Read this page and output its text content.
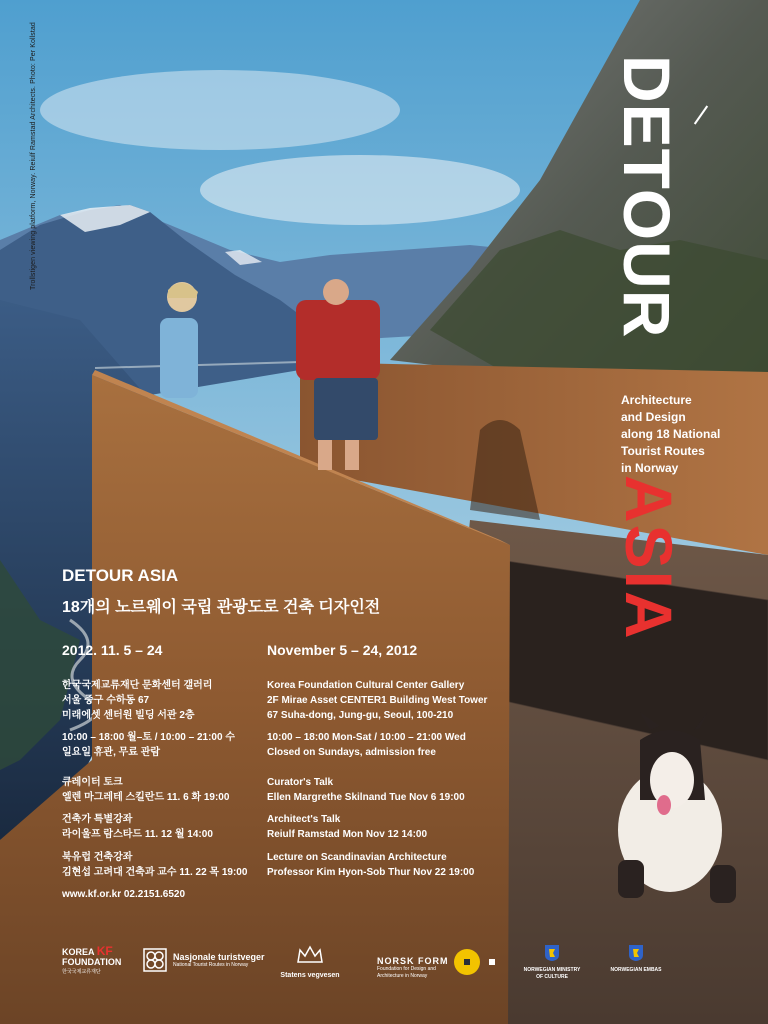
Trollstigen viewing platform, Norway. Reiulf Ramstad Architects. Photo: Per Kollstad	DETOUR
ASIA
Architecture
and Design
along 18 National
Tourist Routes
in Norway
DETOUR ASIA
18개의 노르웨이 국립 관광도로 건축 디자인전
2012. 11. 5 – 24	November 5 – 24, 2012
한국국제교류재단 문화센터 갤러리
서울 중구 수하동 67
미래에셋 센터원 빌딩 서관 2층
Korea Foundation Cultural Center Gallery
2F Mirae Asset CENTER1 Building West Tower
67 Suha-dong, Jung-gu, Seoul, 100-210
10:00 – 18:00 월–토 / 10:00 – 21:00 수
일요일 휴관, 무료 관람
10:00 – 18:00 Mon-Sat / 10:00 – 21:00 Wed
Closed on Sundays, admission free
큐레이터 토크
엘렌 마그레테 스킬란드 11. 6 화 19:00
Curator's Talk
Ellen Margrethe Skilnand Tue Nov 6 19:00
건축가 특별강좌
라이울프 람스타드 11. 12 월 14:00
Architect's Talk
Reiulf Ramstad Mon Nov 12 14:00
북유럽 건축강좌
김현섭 고려대 건축과 교수 11. 22 목 19:00
Lecture on Scandinavian Architecture
Professor Kim Hyon-Sob Thur Nov 22 19:00
www.kf.or.kr 02.2151.6520
KOREA KF
FOUNDATION
한국국제교류재단
Nasjonale turistveger
National Tourist Routes in Norway
Statens vegvesen
NORSK FORM
Foundation for Design and Architecture in Norway
NORWEGIAN MINISTRY
OF CULTURE
NORWEGIAN EMBAS
